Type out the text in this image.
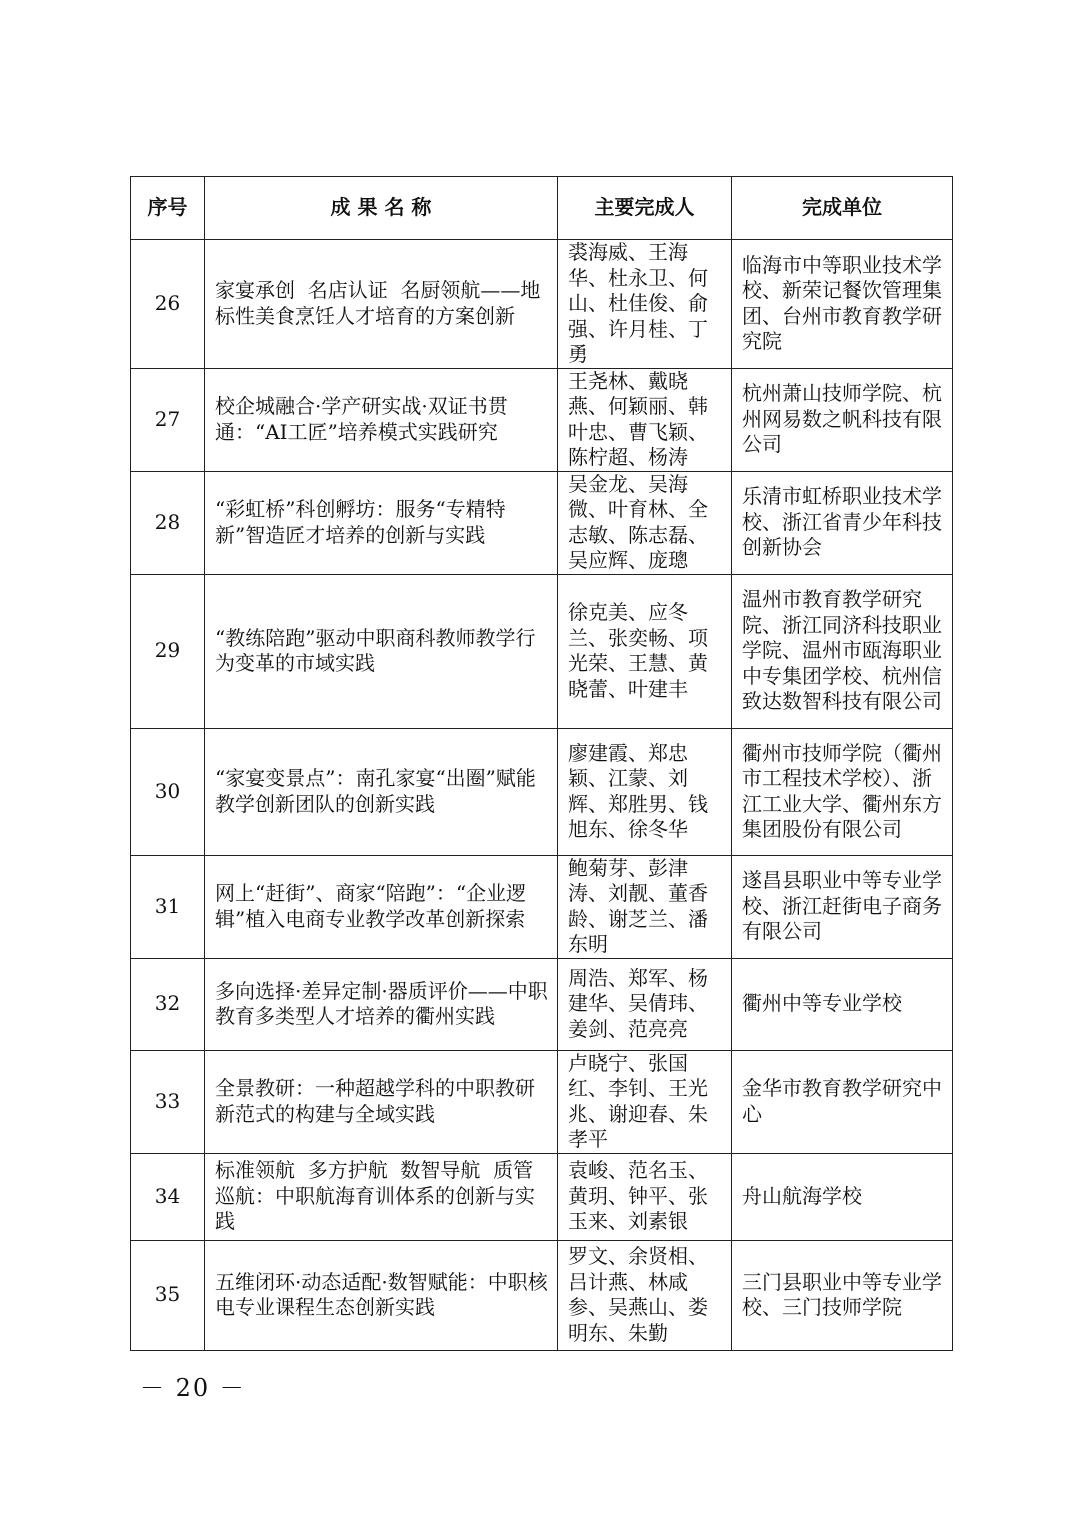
序号	成 果 名 称	主要完成人	完成单位
26	家宴承创  名店认证  名厨领航——地标性美食烹饪人才培育的方案创新	裘海威、王海华、杜永卫、何山、杜佳俊、俞强、许月桂、丁勇	临海市中等职业技术学校、新荣记餐饮管理集团、台州市教育教学研究院
27	校企城融合·学产研实战·双证书贯通：“AI工匠”培养模式实践研究	王尧林、戴晓燕、何颖丽、韩叶忠、曹飞颖、陈柠超、杨涛	杭州萧山技师学院、杭州网易数之帆科技有限公司
28	“彩虹桥”科创孵坊：服务“专精特新”智造匠才培养的创新与实践	吴金龙、吴海微、叶育林、全志敏、陈志磊、吴应辉、庞璁	乐清市虹桥职业技术学校、浙江省青少年科技创新协会
29	“教练陪跑”驱动中职商科教师教学行为变革的市域实践	徐克美、应冬兰、张奕畅、项光荣、王慧、黄晓蕾、叶建丰	温州市教育教学研究院、浙江同济科技职业学院、温州市瓯海职业中专集团学校、杭州信致达数智科技有限公司
30	“家宴变景点”：南孔家宴“出圈”赋能教学创新团队的创新实践	廖建霞、郑忠颖、江蒙、刘辉、郑胜男、钱旭东、徐冬华	衢州市技师学院（衢州市工程技术学校）、浙江工业大学、衢州东方集团股份有限公司
31	网上“赶街”、商家“陪跑”：“企业逻辑”植入电商专业教学改革创新探索	鲍菊芽、彭津涛、刘靓、董香龄、谢芝兰、潘东明	遂昌县职业中等专业学校、浙江赶街电子商务有限公司
32	多向选择·差异定制·器质评价——中职教育多类型人才培养的衢州实践	周浩、郑军、杨建华、吴倩玮、姜剑、范亮亮	衢州中等专业学校
33	全景教研：一种超越学科的中职教研新范式的构建与全域实践	卢晓宁、张国红、李钊、王光兆、谢迎春、朱孝平	金华市教育教学研究中心
34	标准领航  多方护航  数智导航  质管巡航：中职航海育训体系的创新与实践	袁峻、范名玉、黄玥、钟平、张玉来、刘素银	舟山航海学校
35	五维闭环·动态适配·数智赋能：中职核电专业课程生态创新实践	罗文、余贤相、吕计燕、林咸参、吴燕山、娄明东、朱勤	三门县职业中等专业学校、三门技师学院
－ 20 －
